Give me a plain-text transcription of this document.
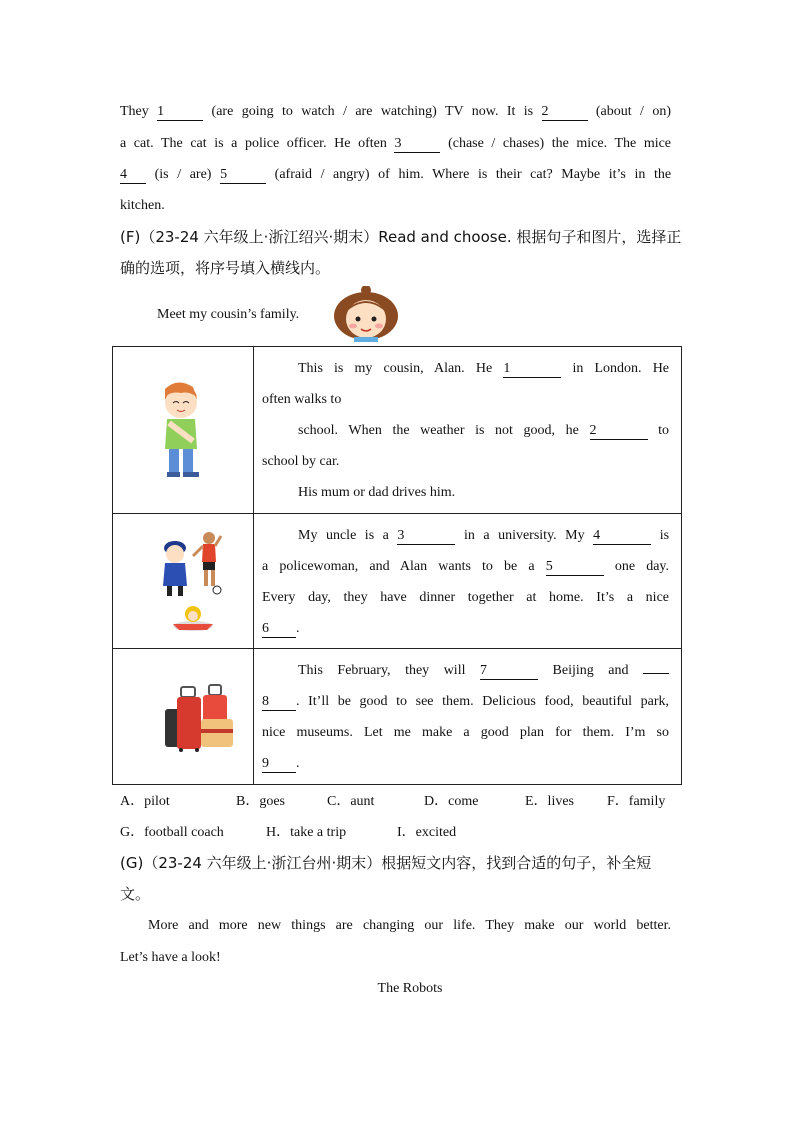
They 1	(are going to watch / are watching) TV now. It is 2	(about / on)
a cat. The cat is a police officer. He often 3	(chase / chases) the mice. The mice
4 (is / are) 5	(afraid / angry) of him. Where is their cat? Maybe it’s in the
kitchen.
(F)（23-24 六年级上·浙江绍兴·期末）Read and choose. 根据句子和图片，选择正
确的选项，将序号填入横线内。
Meet my cousin’s family.

This is my cousin, Alan. He 1 in London. He
often walks to
school. When the weather is not good, he 2 to
school by car.
His mum or dad drives him.

My uncle is a 3 in a university. My 4 is
a policewoman, and Alan wants to be a 5 one day.
Every day, they have dinner together at home. It’s a nice
6 .

This February, they will 7 Beijing and
8 . It’ll be good to see them. Delicious food, beautiful park,
nice museums. Let me make a good plan for them. I’m so
9 .
A．pilot	B．goes	C．aunt	D．come	E．lives F．family
G．football coach	H．take a trip	I．excited
(G)（23-24 六年级上·浙江台州·期末）根据短文内容，找到合适的句子，补全短
文。
More and more new things are changing our life. They make our world better.
Let’s have a look!
The Robots
